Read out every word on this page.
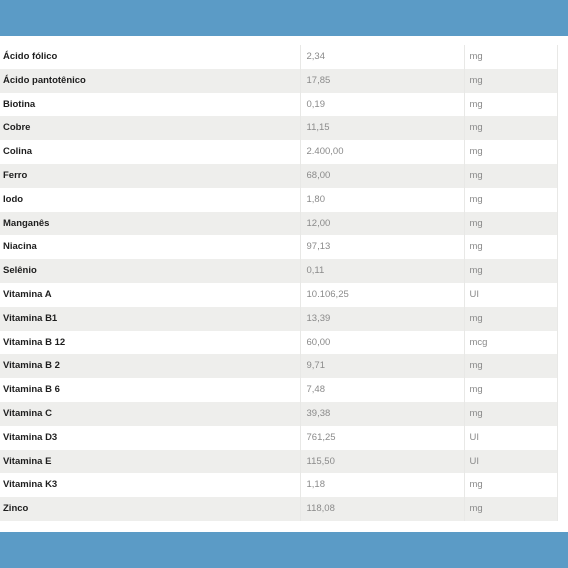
Ácido fólico	2,34	mg
Ácido pantotênico	17,85	mg
Biotina	0,19	mg
Cobre	11,15	mg
Colina	2.400,00	mg
Ferro	68,00	mg
Iodo	1,80	mg
Manganês	12,00	mg
Niacina	97,13	mg
Selênio	0,11	mg
Vitamina A	10.106,25	UI
Vitamina B1	13,39	mg
Vitamina B 12	60,00	mcg
Vitamina B 2	9,71	mg
Vitamina B 6	7,48	mg
Vitamina C	39,38	mg
Vitamina D3	761,25	UI
Vitamina E	115,50	UI
Vitamina K3	1,18	mg
Zinco	118,08	mg
